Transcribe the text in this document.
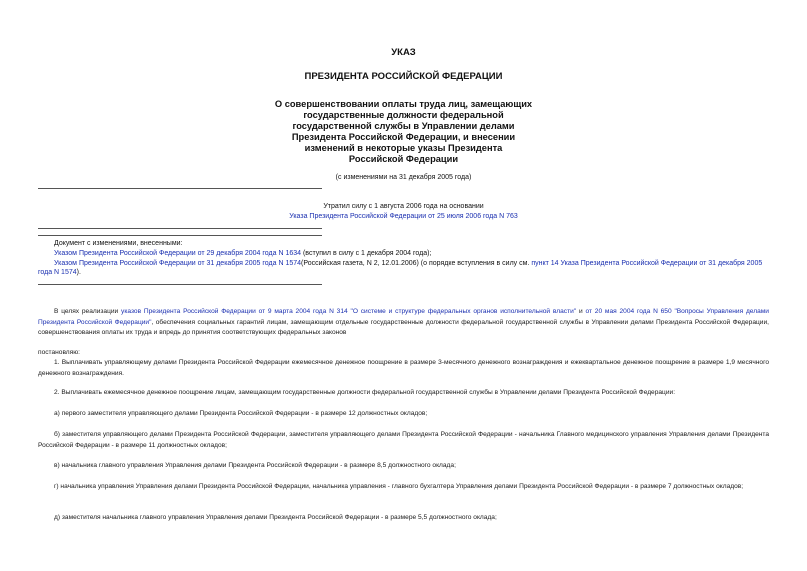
УКАЗ
ПРЕЗИДЕНТА РОССИЙСКОЙ ФЕДЕРАЦИИ
О совершенствовании оплаты труда лиц, замещающих
государственные должности федеральной
государственной службы в Управлении делами
Президента Российской Федерации, и внесении
изменений в некоторые указы Президента
Российской Федерации
(с изменениями на 31 декабря 2005 года)
Утратил силу с 1 августа 2006 года на основании
Указа Президента Российской Федерации от 25 июля 2006 года N 763
Документ с изменениями, внесенными:
Указом Президента Российской Федерации от 29 декабря 2004 года N 1634 (вступил в силу с 1 декабря 2004 года);
Указом Президента Российской Федерации от 31 декабря 2005 года N 1574(Российская газета, N 2, 12.01.2006) (о порядке вступления в силу см. пункт 14 Указа Президента Российской Федерации от 31 декабря 2005 года N 1574).
В целях реализации указов Президента Российской Федерации от 9 марта 2004 года N 314 "О системе и структуре федеральных органов исполнительной власти" и от 20 мая 2004 года N 650 "Вопросы Управления делами Президента Российской Федерации", обеспечения социальных гарантий лицам, замещающим отдельные государственные должности федеральной государственной службы в Управлении делами Президента Российской Федерации, совершенствования оплаты их труда и впредь до принятия соответствующих федеральных законов
постановляю:
1. Выплачивать управляющему делами Президента Российской Федерации ежемесячное денежное поощрение в размере 3-месячного денежного вознаграждения и ежеквартальное денежное поощрение в размере 1,9 месячного денежного вознаграждения.
2. Выплачивать ежемесячное денежное поощрение лицам, замещающим государственные должности федеральной государственной службы в Управлении делами Президента Российской Федерации:
а) первого заместителя управляющего делами Президента Российской Федерации - в размере 12 должностных окладов;
б) заместителя управляющего делами Президента Российской Федерации, заместителя управляющего делами Президента Российской Федерации - начальника Главного медицинского управления Управления делами Президента Российской Федерации - в размере 11 должностных окладов;
в) начальника главного управления Управления делами Президента Российской Федерации - в размере 8,5 должностного оклада;
г) начальника управления Управления делами Президента Российской Федерации, начальника управления - главного бухгалтера Управления делами Президента Российской Федерации - в размере 7 должностных окладов;
д) заместителя начальника главного управления Управления делами Президента Российской Федерации - в размере 5,5 должностного оклада;
